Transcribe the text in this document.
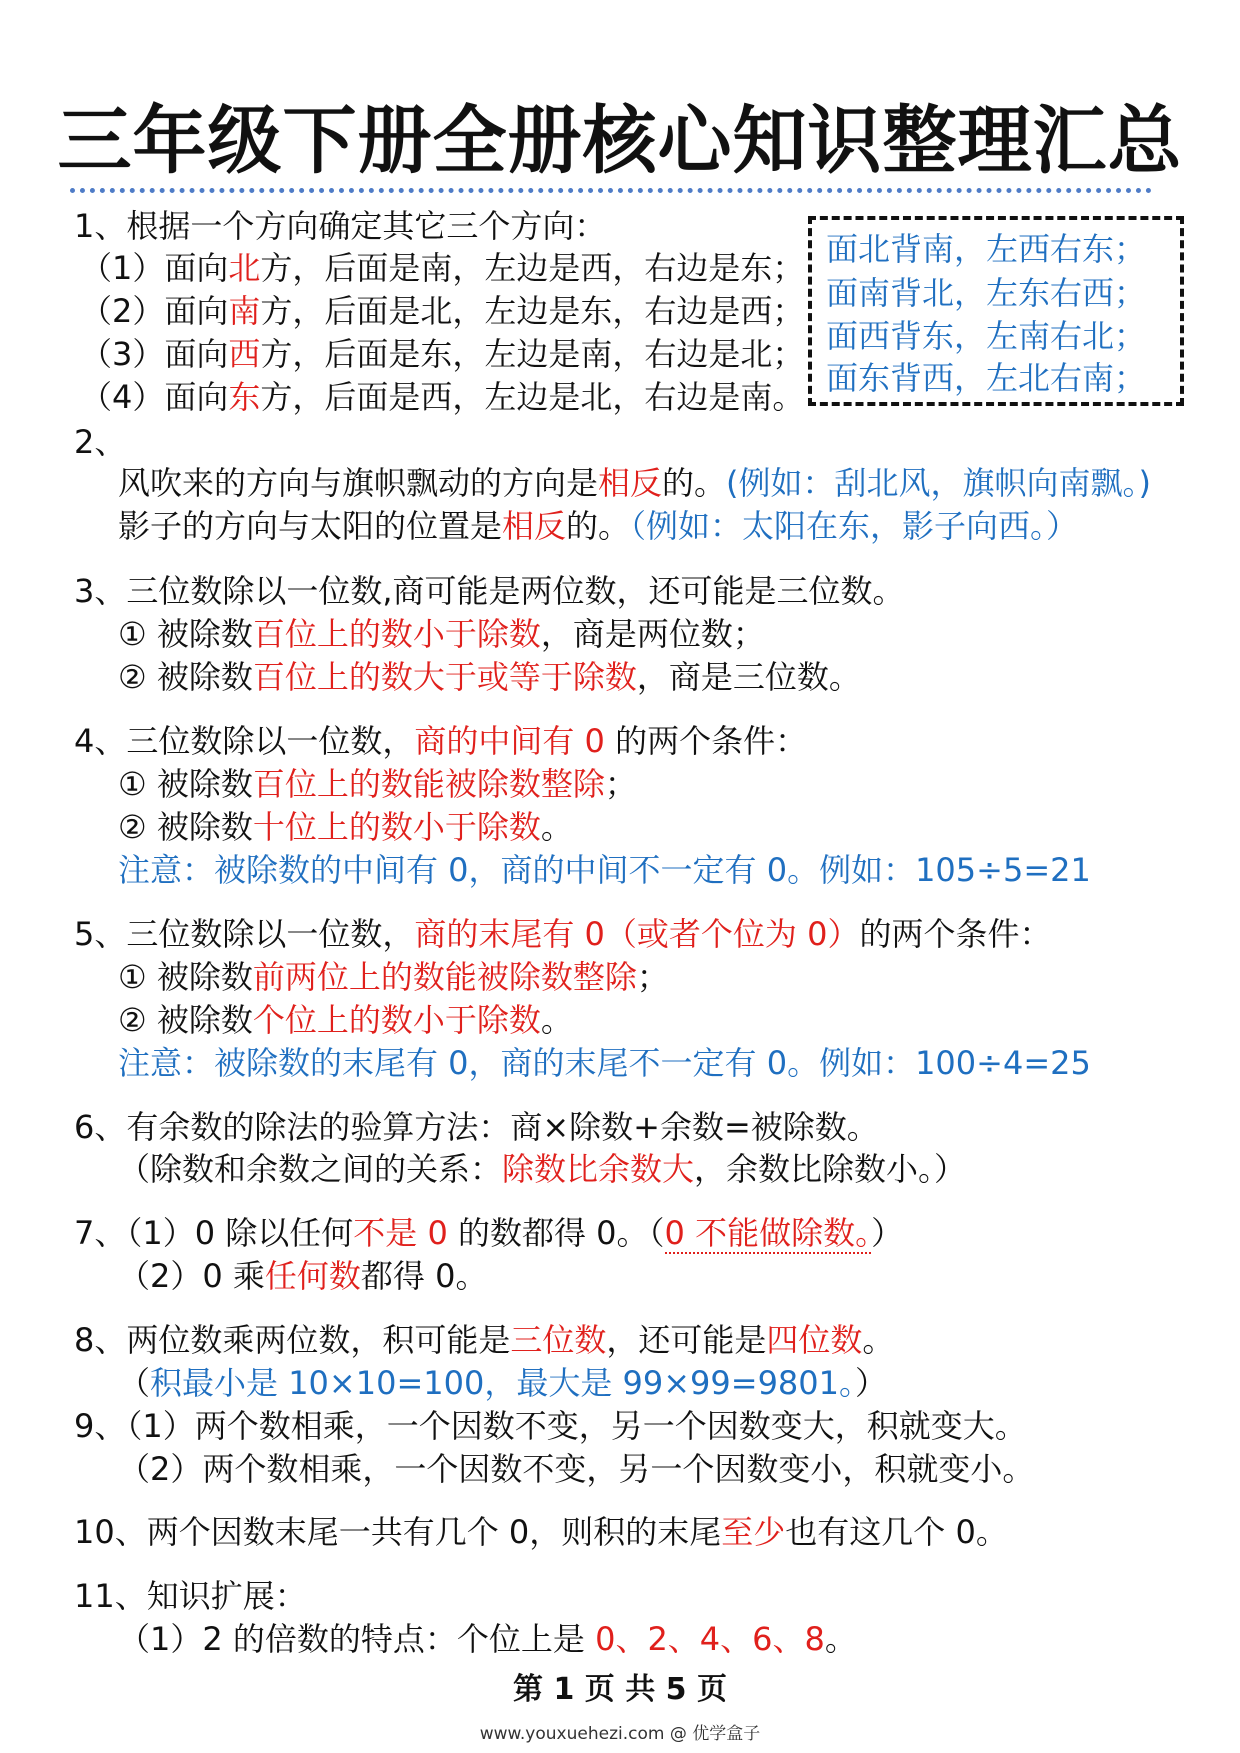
三年级下册全册核心知识整理汇总
1、根据一个方向确定其它三个方向：
（1）面向北方，后面是南，左边是西，右边是东；
（2）面向南方，后面是北，左边是东，右边是西；
（3）面向西方，后面是东，左边是南，右边是北；
（4）面向东方，后面是西，左边是北，右边是南。
面北背南，左西右东；
面南背北，左东右西；
面西背东，左南右北；
面东背西，左北右南；
2、
风吹来的方向与旗帜飘动的方向是相反的。(例如：刮北风，旗帜向南飘。)
影子的方向与太阳的位置是相反的。（例如：太阳在东，影子向西。）
3、三位数除以一位数,商可能是两位数，还可能是三位数。
① 被除数百位上的数小于除数，商是两位数；
② 被除数百位上的数大于或等于除数，商是三位数。
4、三位数除以一位数，商的中间有 0 的两个条件：
① 被除数百位上的数能被除数整除；
② 被除数十位上的数小于除数。
注意：被除数的中间有 0，商的中间不一定有 0。例如：105÷5=21
5、三位数除以一位数，商的末尾有 0（或者个位为 0）的两个条件：
① 被除数前两位上的数能被除数整除；
② 被除数个位上的数小于除数。
注意：被除数的末尾有 0，商的末尾不一定有 0。例如：100÷4=25
6、有余数的除法的验算方法：商×除数+余数=被除数。
（除数和余数之间的关系：除数比余数大，余数比除数小。）
7、（1）0 除以任何不是 0 的数都得 0。（0 不能做除数。）
（2）0 乘任何数都得 0。
8、两位数乘两位数，积可能是三位数，还可能是四位数。
（积最小是 10×10=100，最大是 99×99=9801。）
9、（1）两个数相乘，一个因数不变，另一个因数变大，积就变大。
（2）两个数相乘，一个因数不变，另一个因数变小，积就变小。
10、两个因数末尾一共有几个 0，则积的末尾至少也有这几个 0。
11、知识扩展：
（1）2 的倍数的特点：个位上是 0、2、4、6、8。
第 1 页 共 5 页
www.youxuehezi.com @ 优学盒子
